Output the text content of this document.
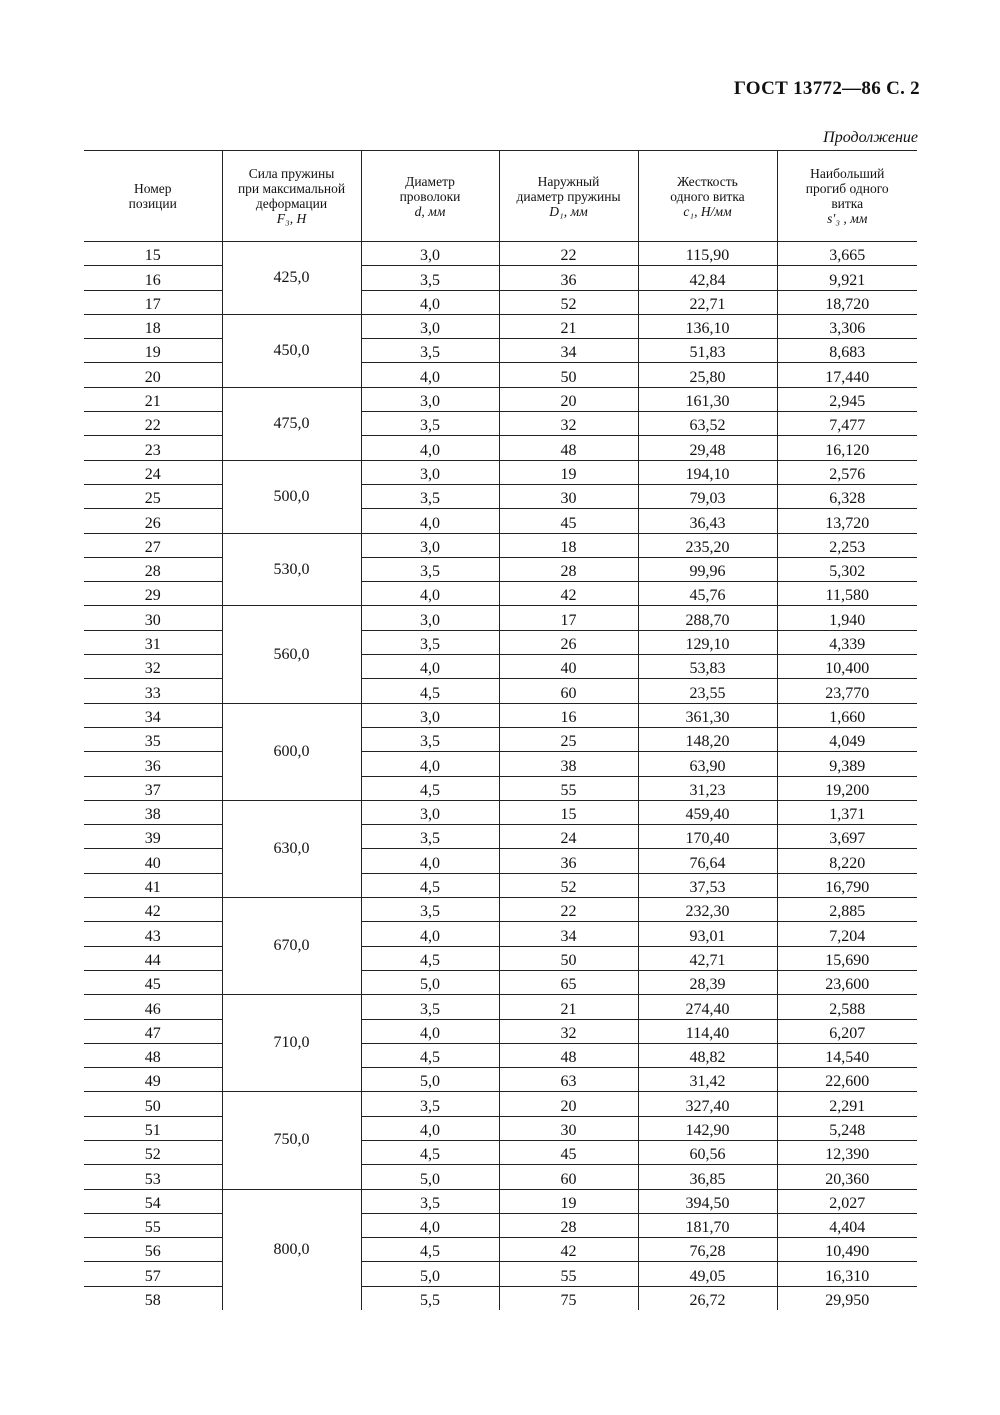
ГОСТ 13772—86 С. 2
Продолжение
Номер
позиции	Сила пружины
при максимальной
деформации
F₃, Н	Диаметр
проволоки
d, мм	Наружный
диаметр пружины
D₁, мм	Жесткость
одного витка
c₁, Н/мм	Наибольший
прогиб одного
витка
s′₃ , мм

15	425,0	3,0	22	115,90	3,665
16		3,5	36	42,84	9,921
17		4,0	52	22,71	18,720
18	450,0	3,0	21	136,10	3,306
19		3,5	34	51,83	8,683
20		4,0	50	25,80	17,440
21	475,0	3,0	20	161,30	2,945
22		3,5	32	63,52	7,477
23		4,0	48	29,48	16,120
24	500,0	3,0	19	194,10	2,576
25		3,5	30	79,03	6,328
26		4,0	45	36,43	13,720
27	530,0	3,0	18	235,20	2,253
28		3,5	28	99,96	5,302
29		4,0	42	45,76	11,580
30	560,0	3,0	17	288,70	1,940
31		3,5	26	129,10	4,339
32		4,0	40	53,83	10,400
33		4,5	60	23,55	23,770
34	600,0	3,0	16	361,30	1,660
35		3,5	25	148,20	4,049
36		4,0	38	63,90	9,389
37		4,5	55	31,23	19,200
38	630,0	3,0	15	459,40	1,371
39		3,5	24	170,40	3,697
40		4,0	36	76,64	8,220
41		4,5	52	37,53	16,790
42	670,0	3,5	22	232,30	2,885
43		4,0	34	93,01	7,204
44		4,5	50	42,71	15,690
45		5,0	65	28,39	23,600
46	710,0	3,5	21	274,40	2,588
47		4,0	32	114,40	6,207
48		4,5	48	48,82	14,540
49		5,0	63	31,42	22,600
50	750,0	3,5	20	327,40	2,291
51		4,0	30	142,90	5,248
52		4,5	45	60,56	12,390
53		5,0	60	36,85	20,360
54	800,0	3,5	19	394,50	2,027
55		4,0	28	181,70	4,404
56		4,5	42	76,28	10,490
57		5,0	55	49,05	16,310
58		5,5	75	26,72	29,950
